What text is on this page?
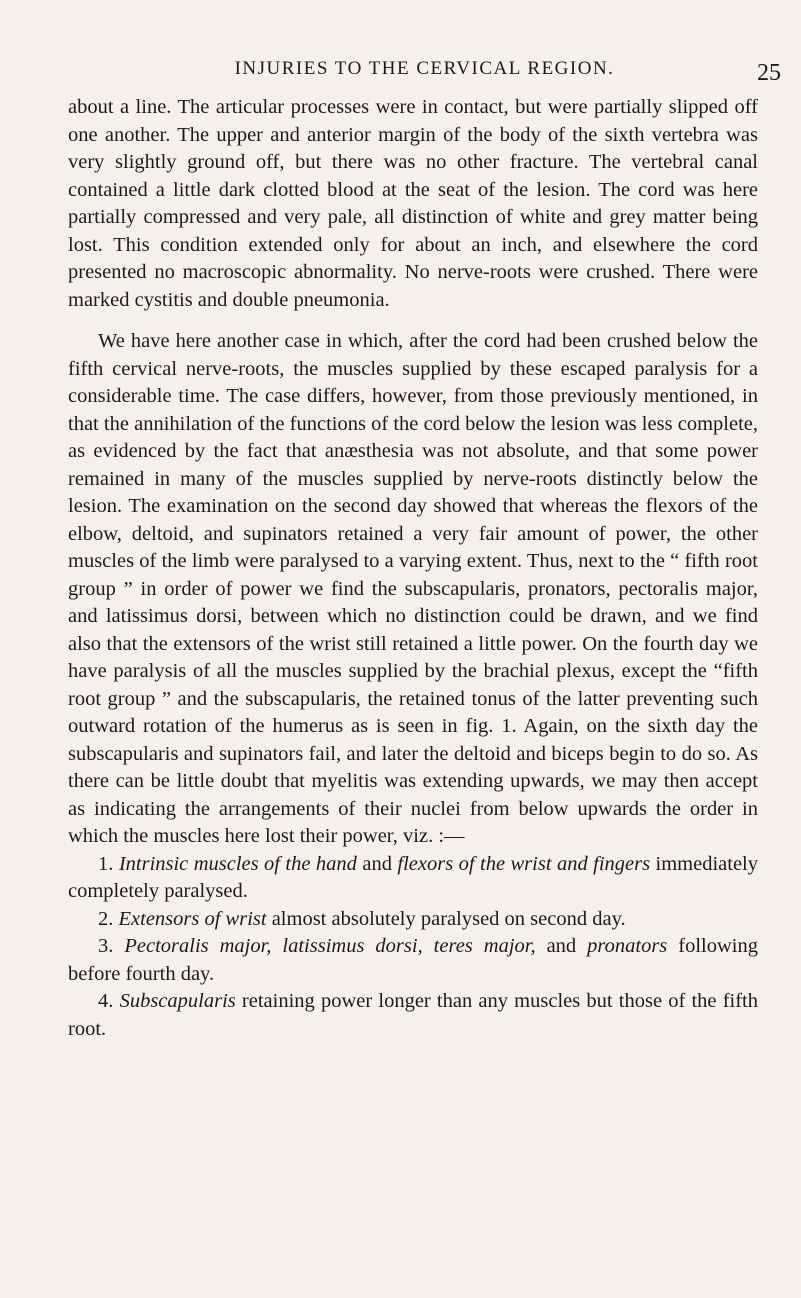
INJURIES TO THE CERVICAL REGION.	25

about a line. The articular processes were in contact, but were partially slipped off one another. The upper and anterior margin of the body of the sixth vertebra was very slightly ground off, but there was no other fracture. The vertebral canal contained a little dark clotted blood at the seat of the lesion. The cord was here partially compressed and very pale, all distinction of white and grey matter being lost. This condition extended only for about an inch, and elsewhere the cord presented no macroscopic abnormality. No nerve-roots were crushed. There were marked cystitis and double pneumonia.

We have here another case in which, after the cord had been crushed below the fifth cervical nerve-roots, the muscles supplied by these escaped paralysis for a considerable time. The case differs, however, from those previously mentioned, in that the annihilation of the functions of the cord below the lesion was less complete, as evidenced by the fact that anæsthesia was not absolute, and that some power remained in many of the muscles supplied by nerve-roots distinctly below the lesion. The examination on the second day showed that whereas the flexors of the elbow, deltoid, and supinators retained a very fair amount of power, the other muscles of the limb were paralysed to a varying extent. Thus, next to the “ fifth root group ” in order of power we find the subscapularis, pronators, pectoralis major, and latissimus dorsi, between which no distinction could be drawn, and we find also that the extensors of the wrist still retained a little power. On the fourth day we have paralysis of all the muscles supplied by the brachial plexus, except the “fifth root group ” and the subscapularis, the retained tonus of the latter preventing such outward rotation of the humerus as is seen in fig. 1. Again, on the sixth day the subscapularis and supinators fail, and later the deltoid and biceps begin to do so. As there can be little doubt that myelitis was extending upwards, we may then accept as indicating the arrangements of their nuclei from below upwards the order in which the muscles here lost their power, viz. :—

1. Intrinsic muscles of the hand and flexors of the wrist and fingers immediately completely paralysed.

2. Extensors of wrist almost absolutely paralysed on second day.

3. Pectoralis major, latissimus dorsi, teres major, and pronators following before fourth day.

4. Subscapularis retaining power longer than any muscles but those of the fifth root.
